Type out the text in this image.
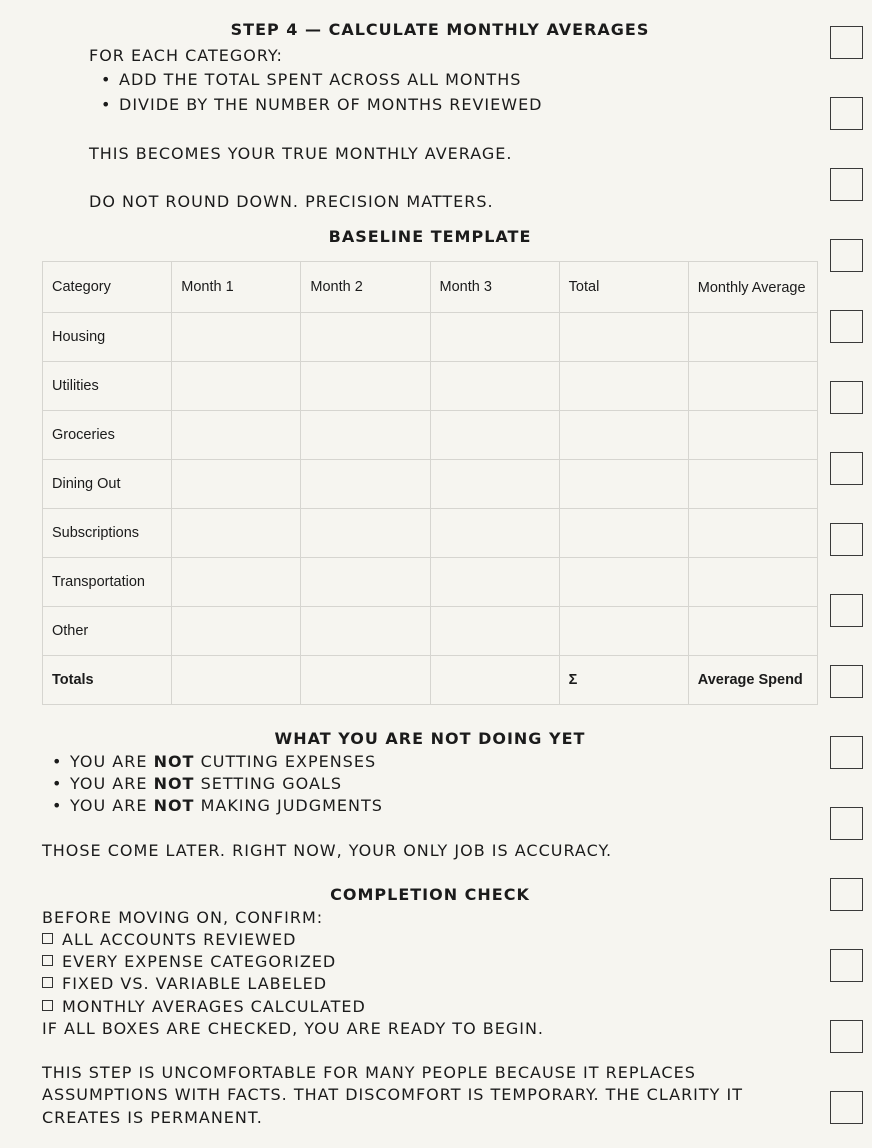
STEP 4 — CALCULATE MONTHLY AVERAGES
FOR EACH CATEGORY:
• ADD THE TOTAL SPENT ACROSS ALL MONTHS
• DIVIDE BY THE NUMBER OF MONTHS REVIEWED
THIS BECOMES YOUR TRUE MONTHLY AVERAGE.
DO NOT ROUND DOWN. PRECISION MATTERS.
BASELINE TEMPLATE
Category	Month 1	Month 2	Month 3	Total	Monthly Average
Housing					
Utilities					
Groceries					
Dining Out					
Subscriptions					
Transportation					
Other					
Totals				Σ	Average Spend
WHAT YOU ARE NOT DOING YET
• YOU ARE NOT CUTTING EXPENSES
• YOU ARE NOT SETTING GOALS
• YOU ARE NOT MAKING JUDGMENTS
THOSE COME LATER. RIGHT NOW, YOUR ONLY JOB IS ACCURACY.
COMPLETION CHECK
BEFORE MOVING ON, CONFIRM:
ALL ACCOUNTS REVIEWED
EVERY EXPENSE CATEGORIZED
FIXED VS. VARIABLE LABELED
MONTHLY AVERAGES CALCULATED
IF ALL BOXES ARE CHECKED, YOU ARE READY TO BEGIN.
THIS STEP IS UNCOMFORTABLE FOR MANY PEOPLE BECAUSE IT REPLACES
ASSUMPTIONS WITH FACTS. THAT DISCOMFORT IS TEMPORARY. THE CLARITY IT
CREATES IS PERMANENT.
